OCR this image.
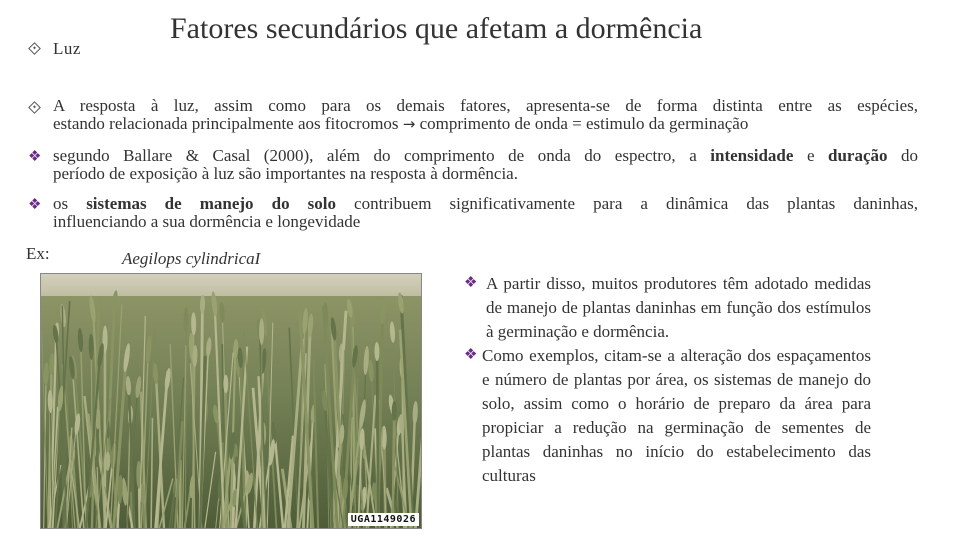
Luz
Fatores secundários que afetam a dormência
A resposta à luz, assim como para os demais fatores, apresenta-se de forma distinta entre as espécies,
estando relacionada principalmente aos fitocromos → comprimento de onda = estimulo da germinação
❖ segundo Ballare & Casal (2000), além do comprimento de onda do espectro, a intensidade e duração do
período de exposição à luz são importantes na resposta à dormência.
❖ os sistemas de manejo do solo contribuem significativamente para a dinâmica das plantas daninhas,
influenciando a sua dormência e longevidade
Ex:	Aegilops cylindricaI
UGA1149026
❖ A partir disso, muitos produtores têm adotado medidas de manejo de plantas daninhas em função dos estímulos à germinação e dormência.
❖ Como exemplos, citam-se a alteração dos espaçamentos e número de plantas por área, os sistemas de manejo do solo, assim como o horário de preparo da área para propiciar a redução na germinação de sementes de plantas daninhas no início do estabelecimento das culturas
